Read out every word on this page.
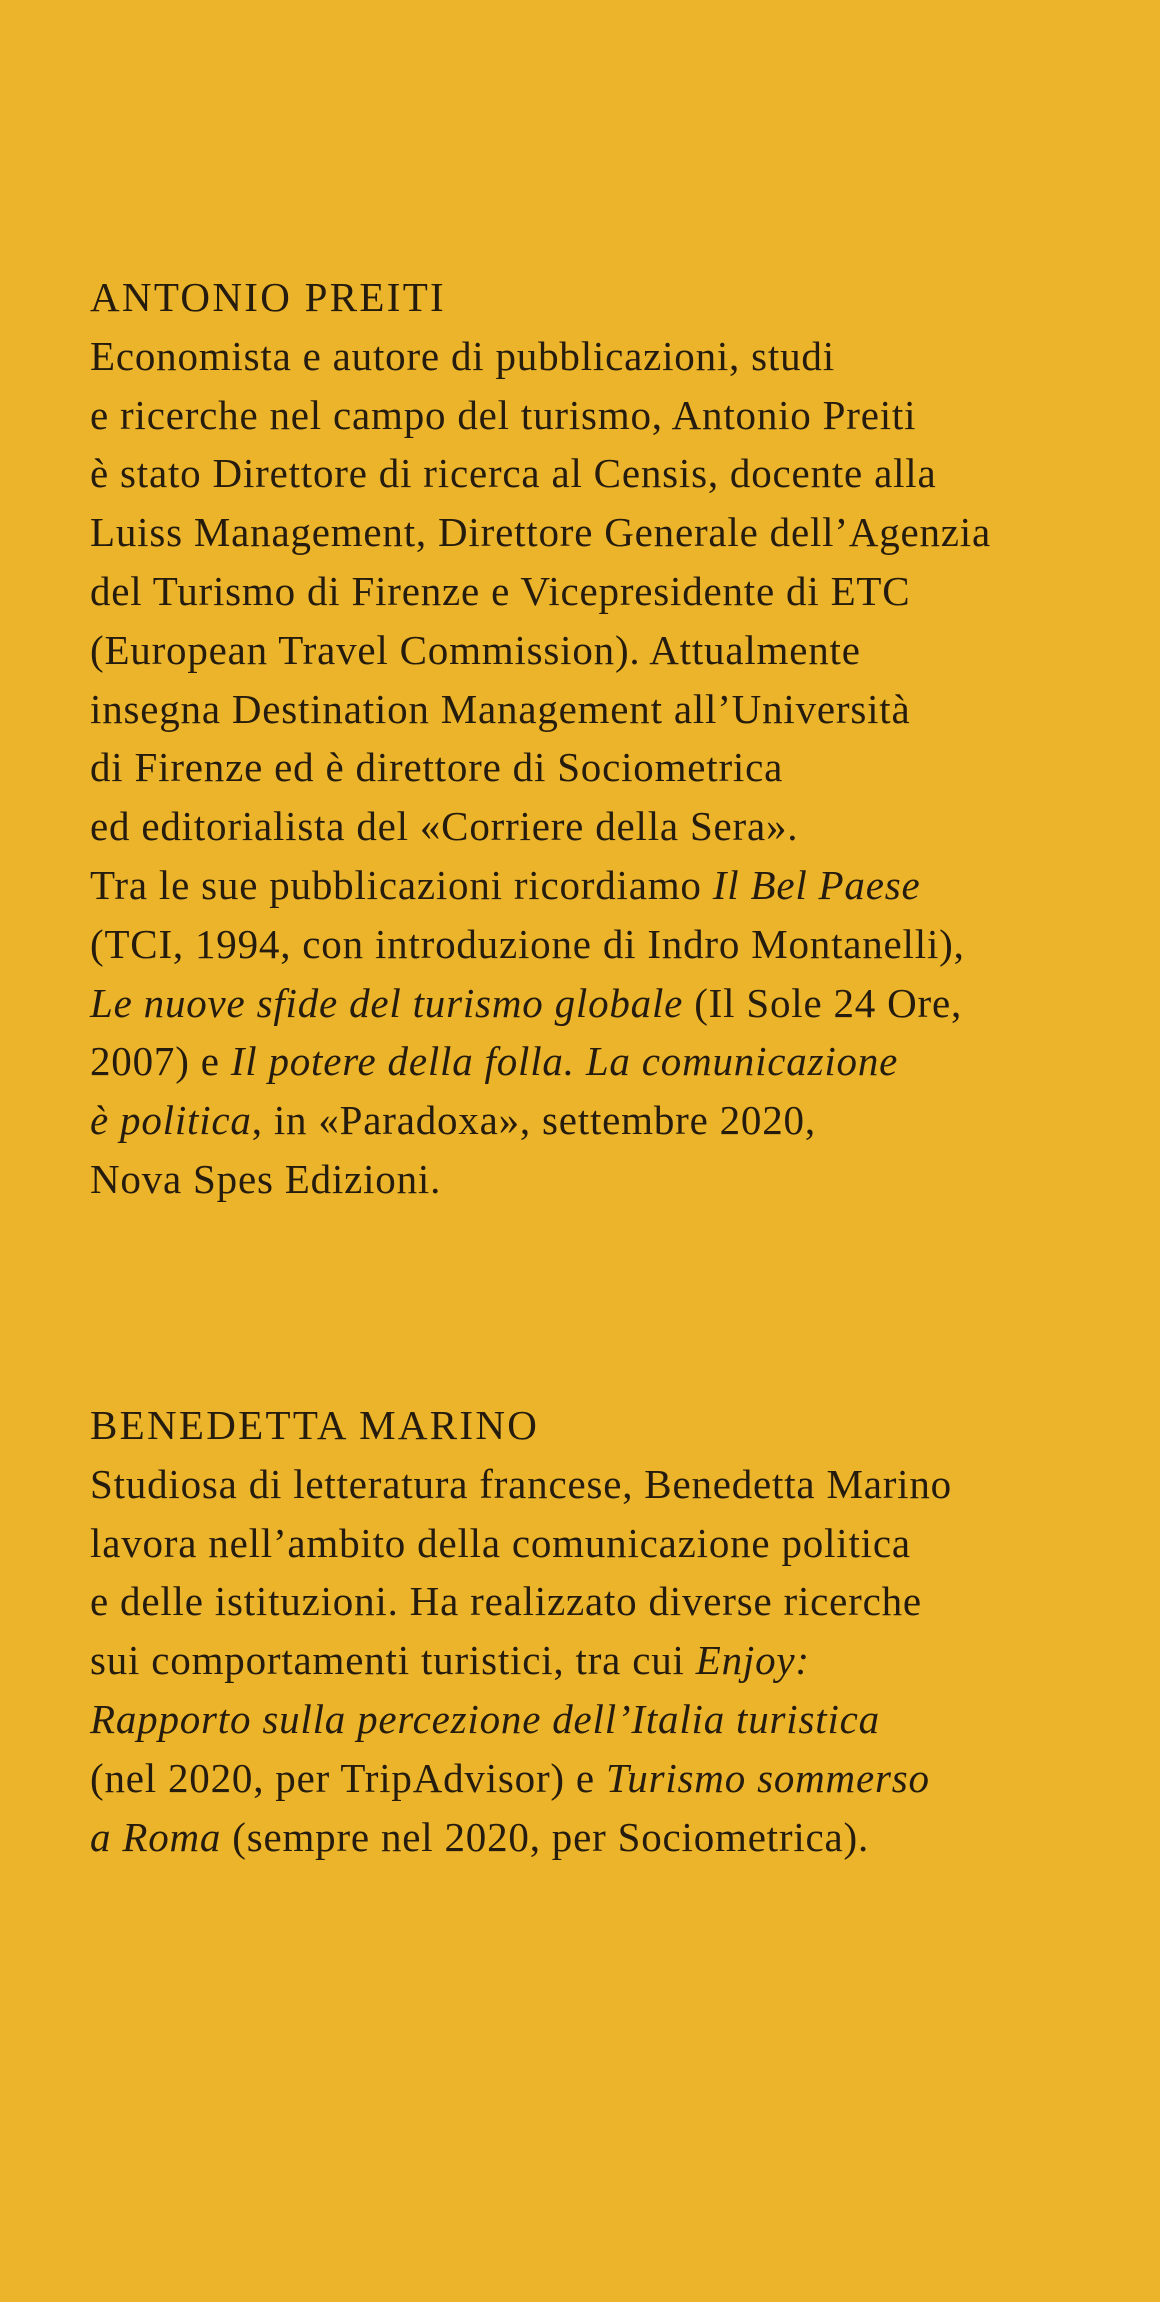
ANTONIO PREITI
Economista e autore di pubblicazioni, studi
e ricerche nel campo del turismo, Antonio Preiti
è stato Direttore di ricerca al Censis, docente alla
Luiss Management, Direttore Generale dell’Agenzia
del Turismo di Firenze e Vicepresidente di ETC
(European Travel Commission). Attualmente
insegna Destination Management all’Università
di Firenze ed è direttore di Sociometrica
ed editorialista del «Corriere della Sera».
Tra le sue pubblicazioni ricordiamo Il Bel Paese
(TCI, 1994, con introduzione di Indro Montanelli),
Le nuove sfide del turismo globale (Il Sole 24 Ore,
2007) e Il potere della folla. La comunicazione
è politica, in «Paradoxa», settembre 2020,
Nova Spes Edizioni.
BENEDETTA MARINO
Studiosa di letteratura francese, Benedetta Marino
lavora nell’ambito della comunicazione politica
e delle istituzioni. Ha realizzato diverse ricerche
sui comportamenti turistici, tra cui Enjoy:
Rapporto sulla percezione dell’Italia turistica
(nel 2020, per TripAdvisor) e Turismo sommerso
a Roma (sempre nel 2020, per Sociometrica).
